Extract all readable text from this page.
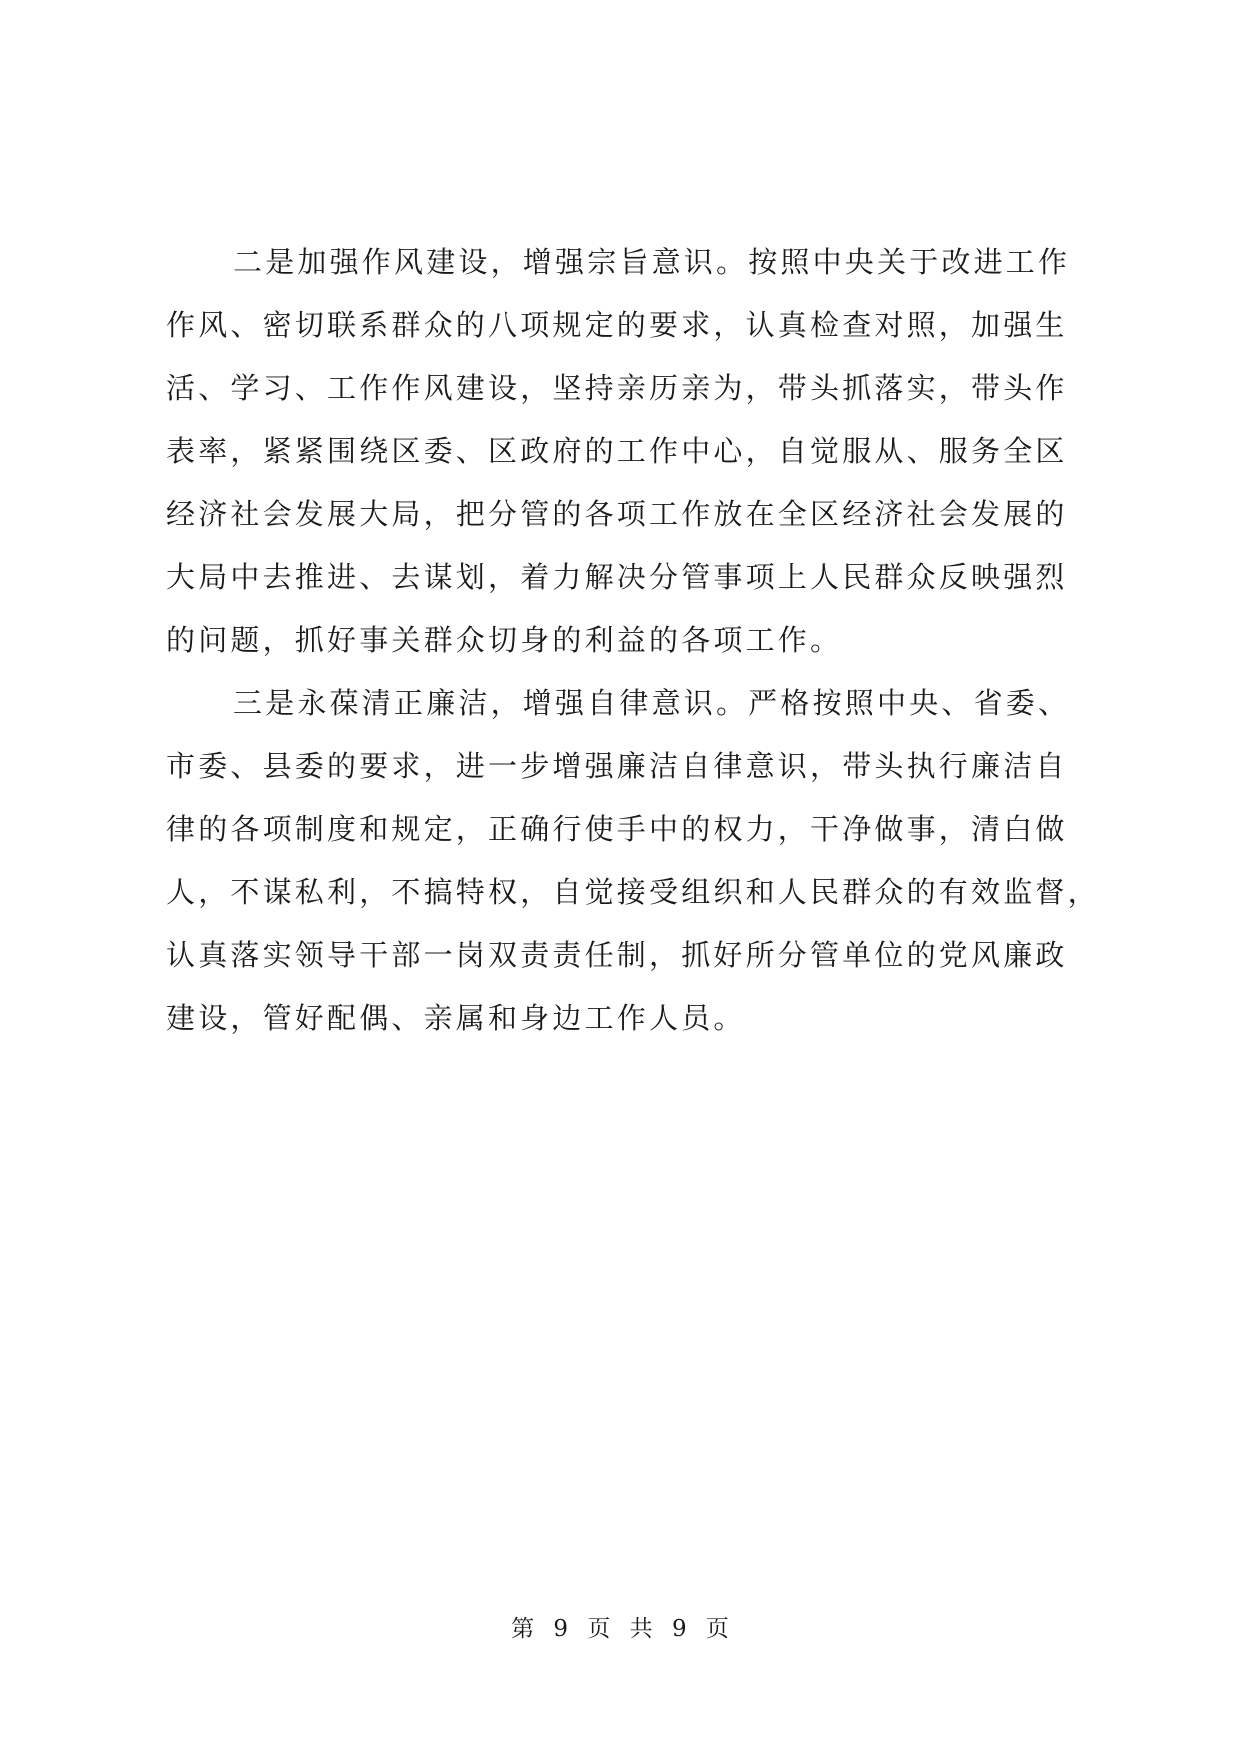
二是加强作风建设，增强宗旨意识。按照中央关于改进工作
作风、密切联系群众的八项规定的要求，认真检查对照，加强生
活、学习、工作作风建设，坚持亲历亲为，带头抓落实，带头作
表率，紧紧围绕区委、区政府的工作中心，自觉服从、服务全区
经济社会发展大局，把分管的各项工作放在全区经济社会发展的
大局中去推进、去谋划，着力解决分管事项上人民群众反映强烈
的问题，抓好事关群众切身的利益的各项工作。
三是永葆清正廉洁，增强自律意识。严格按照中央、省委、
市委、县委的要求，进一步增强廉洁自律意识，带头执行廉洁自
律的各项制度和规定，正确行使手中的权力，干净做事，清白做
人，不谋私利，不搞特权，自觉接受组织和人民群众的有效监督，
认真落实领导干部一岗双责责任制，抓好所分管单位的党风廉政
建设，管好配偶、亲属和身边工作人员。
第 9 页 共 9 页
